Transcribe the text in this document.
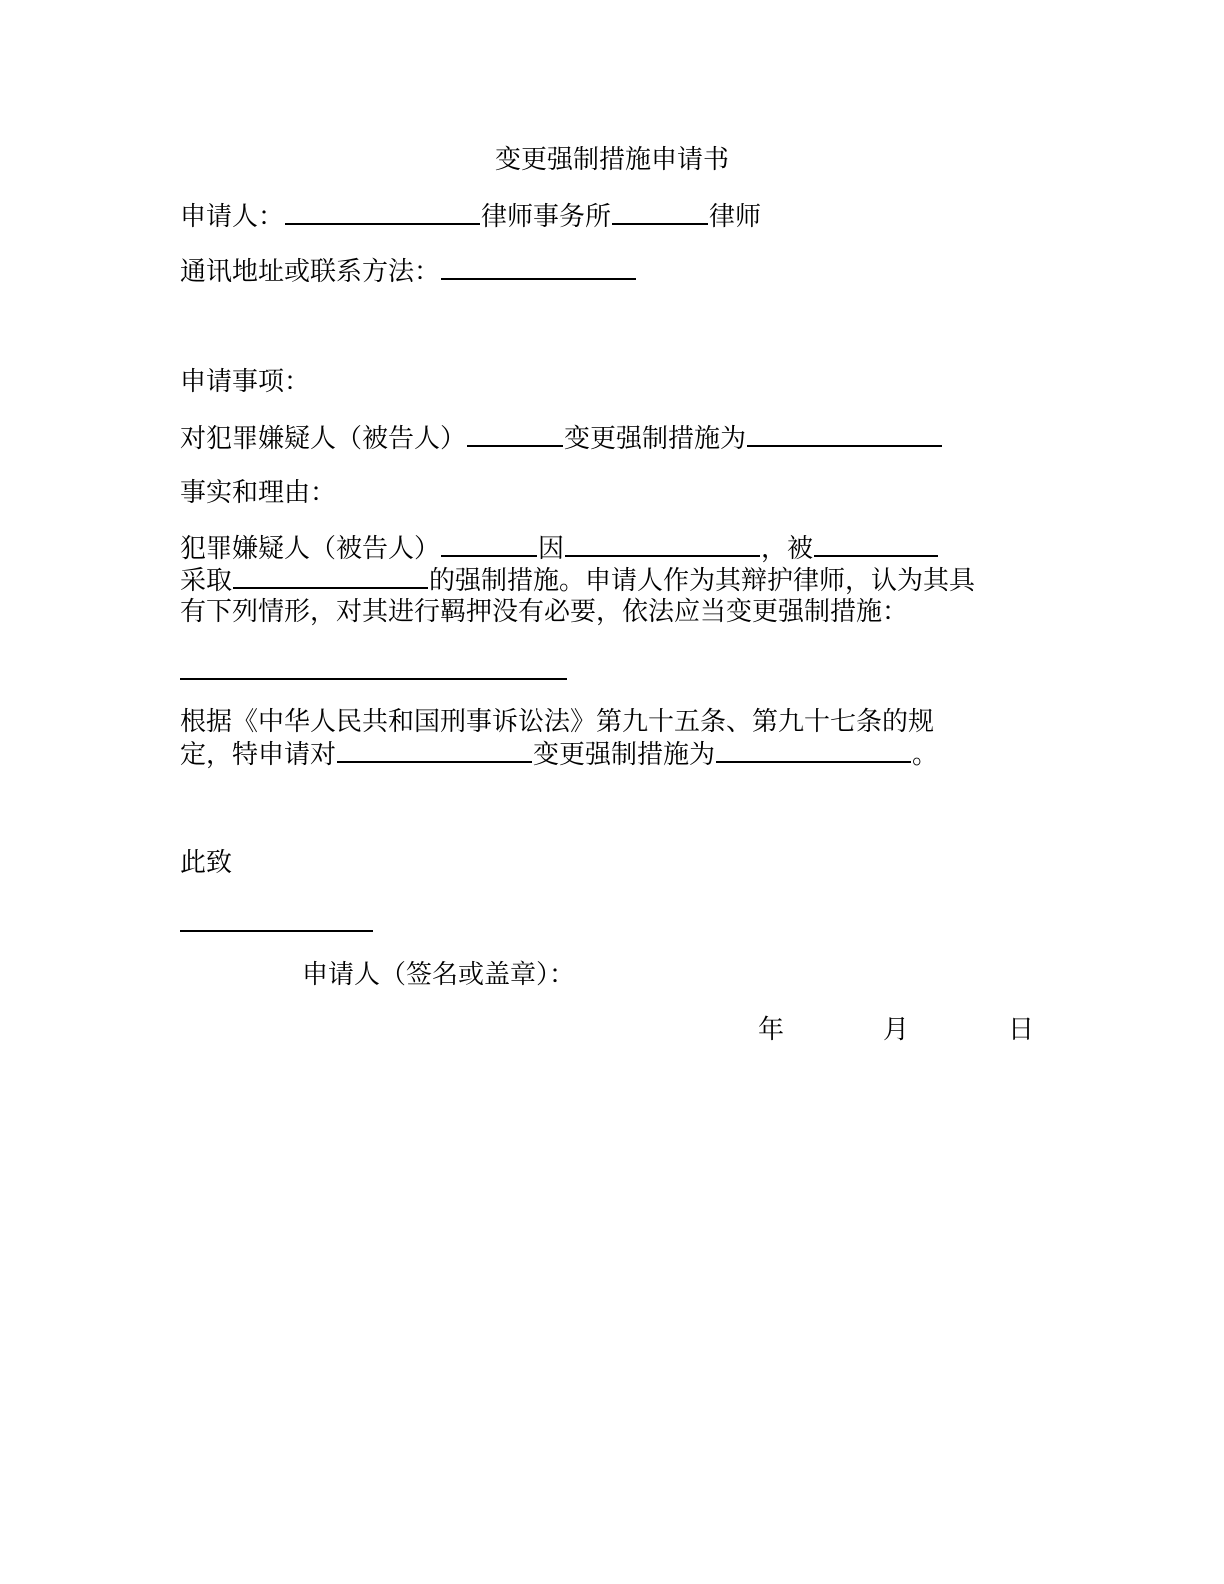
变更强制措施申请书
申请人：	律师事务所	律师
通讯地址或联系方法：
申请事项：
对犯罪嫌疑人（被告人）	变更强制措施为
事实和理由：
犯罪嫌疑人（被告人）	因	，被
采取	的强制措施。申请人作为其辩护律师，认为其具
有下列情形，对其进行羁押没有必要，依法应当变更强制措施：
根据《中华人民共和国刑事诉讼法》第九十五条、第九十七条的规
定，特申请对	变更强制措施为	。
此致
申请人（签名或盖章）：
年	月	日
